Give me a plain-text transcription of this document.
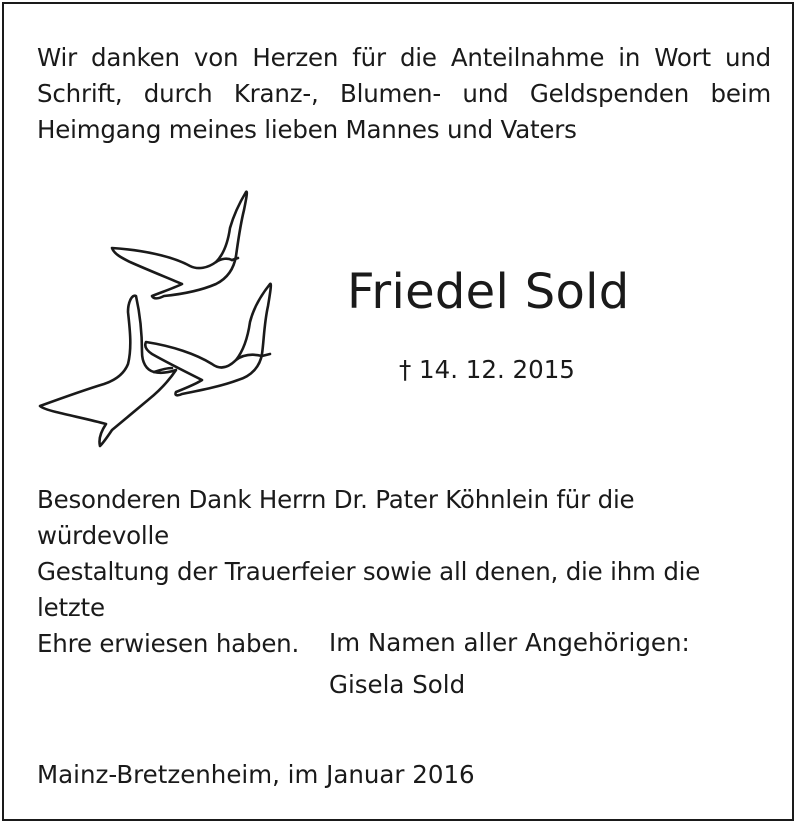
Wir danken von Herzen für die Anteilnahme in Wort und
Schrift, durch Kranz-, Blumen- und Geldspenden beim
Heimgang meines lieben Mannes und Vaters

Friedel Sold

† 14. 12. 2015

Besonderen Dank Herrn Dr. Pater Köhnlein für die würdevolle
Gestaltung der Trauerfeier sowie all denen, die ihm die letzte
Ehre erwiesen haben.	Im Namen aller Angehörigen:

Gisela Sold

Mainz-Bretzenheim, im Januar 2016
